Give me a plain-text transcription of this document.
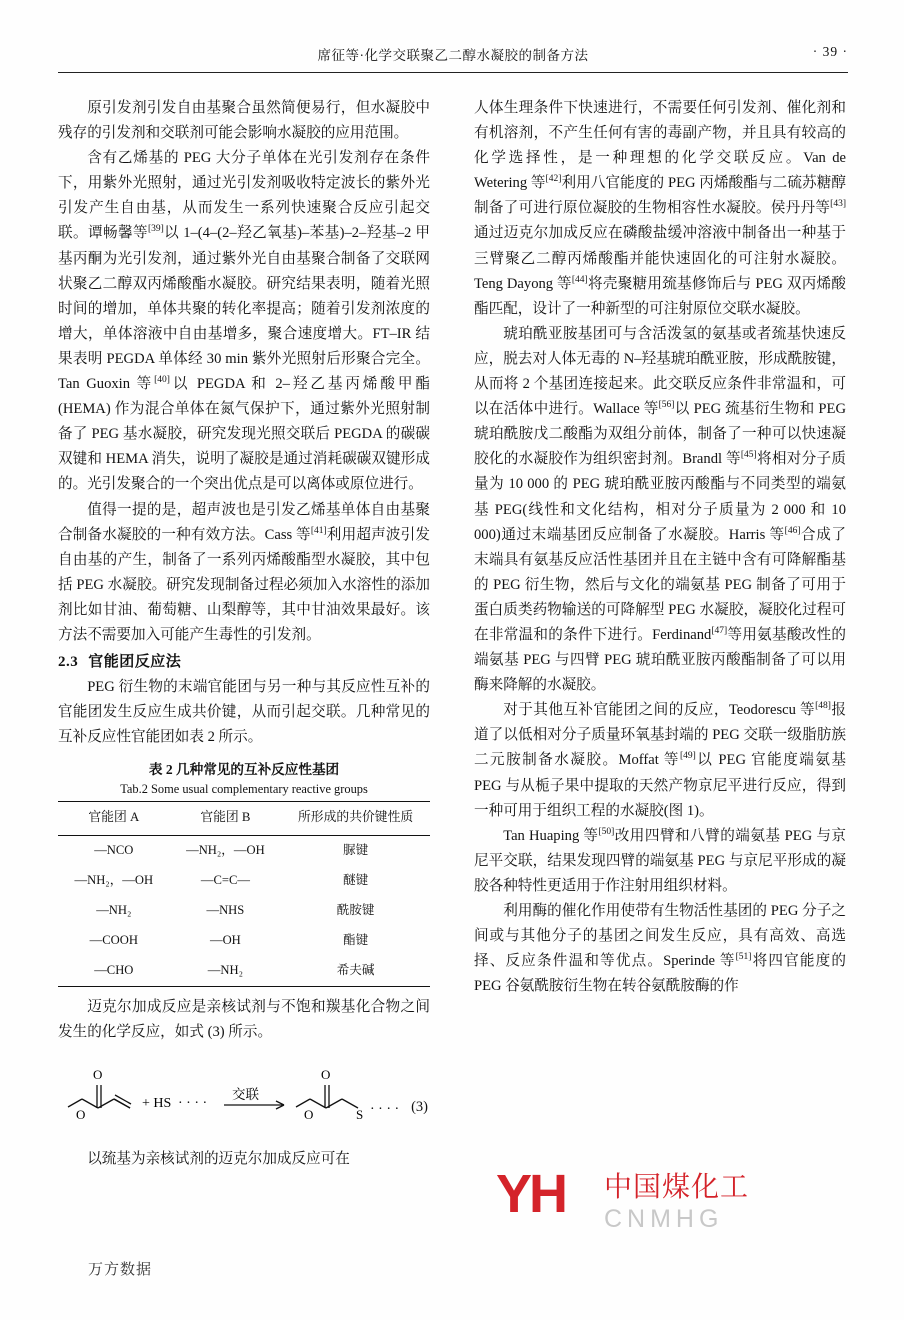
席征等·化学交联聚乙二醇水凝胶的制备方法	· 39 ·

原引发剂引发自由基聚合虽然简便易行，但水凝胶中残存的引发剂和交联剂可能会影响水凝胶的应用范围。

含有乙烯基的 PEG 大分子单体在光引发剂存在条件下，用紫外光照射，通过光引发剂吸收特定波长的紫外光引发产生自由基，从而发生一系列快速聚合反应引起交联。谭畅馨等[39]以 1–(4–(2–羟乙氧基)–苯基)–2–羟基–2 甲基丙酮为光引发剂，通过紫外光自由基聚合制备了交联网状聚乙二醇双丙烯酸酯水凝胶。研究结果表明，随着光照时间的增加，单体共聚的转化率提高；随着引发剂浓度的增大，单体溶液中自由基增多，聚合速度增大。FT–IR 结果表明 PEGDA 单体经 30 min 紫外光照射后形聚合完全。Tan Guoxin 等[40]以 PEGDA 和 2–羟乙基丙烯酸甲酯 (HEMA) 作为混合单体在氮气保护下，通过紫外光照射制备了 PEG 基水凝胶，研究发现光照交联后 PEGDA 的碳碳双键和 HEMA 消失，说明了凝胶是通过消耗碳碳双键形成的。光引发聚合的一个突出优点是可以离体或原位进行。

值得一提的是，超声波也是引发乙烯基单体自由基聚合制备水凝胶的一种有效方法。Cass 等[41]利用超声波引发自由基的产生，制备了一系列丙烯酸酯型水凝胶，其中包括 PEG 水凝胶。研究发现制备过程必须加入水溶性的添加剂比如甘油、葡萄糖、山梨醇等，其中甘油效果最好。该方法不需要加入可能产生毒性的引发剂。

2.3 官能团反应法

PEG 衍生物的末端官能团与另一种与其反应性互补的官能团发生反应生成共价键，从而引起交联。几种常见的互补反应性官能团如表 2 所示。

表 2 几种常见的互补反应性基团
Tab.2 Some usual complementary reactive groups
官能团 A	官能团 B	所形成的共价键性质
—NCO	—NH₂，—OH	脲键
—NH₂，—OH	—C=C—	醚键
—NH₂	—NHS	酰胺键
—COOH	—OH	酯键
—CHO	—NH₂	希夫碱

迈克尔加成反应是亲核试剂与不饱和羰基化合物之间发生的化学反应，如式 (3) 所示。

O
O
+ HS · · · ·
交联
O
O	S · · · · (3)

以巯基为亲核试剂的迈克尔加成反应可在

人体生理条件下快速进行，不需要任何引发剂、催化剂和有机溶剂，不产生任何有害的毒副产物，并且具有较高的化学选择性，是一种理想的化学交联反应。Van de Wetering 等[42]利用八官能度的 PEG 丙烯酸酯与二硫苏糖醇制备了可进行原位凝胶的生物相容性水凝胶。侯丹丹等[43]通过迈克尔加成反应在磷酸盐缓冲溶液中制备出一种基于三臂聚乙二醇丙烯酸酯并能快速固化的可注射水凝胶。Teng Dayong 等[44]将壳聚糖用巯基修饰后与 PEG 双丙烯酸酯匹配，设计了一种新型的可注射原位交联水凝胶。

琥珀酰亚胺基团可与含活泼氢的氨基或者巯基快速反应，脱去对人体无毒的 N–羟基琥珀酰亚胺，形成酰胺键，从而将 2 个基团连接起来。此交联反应条件非常温和，可以在活体中进行。Wallace 等[56]以 PEG 巯基衍生物和 PEG 琥珀酰胺戊二酸酯为双组分前体，制备了一种可以快速凝胶化的水凝胶作为组织密封剂。Brandl 等[45]将相对分子质量为 10 000 的 PEG 琥珀酰亚胺丙酸酯与不同类型的端氨基 PEG(线性和文化结构，相对分子质量为 2 000 和 10 000)通过末端基团反应制备了水凝胶。Harris 等[46]合成了末端具有氨基反应活性基团并且在主链中含有可降解酯基的 PEG 衍生物，然后与文化的端氨基 PEG 制备了可用于蛋白质类药物输送的可降解型 PEG 水凝胶，凝胶化过程可在非常温和的条件下进行。Ferdinand[47]等用氨基酸改性的端氨基 PEG 与四臂 PEG 琥珀酰亚胺丙酸酯制备了可以用酶来降解的水凝胶。

对于其他互补官能团之间的反应，Teodorescu 等[48]报道了以低相对分子质量环氧基封端的 PEG 交联一级脂肪族二元胺制备水凝胶。Moffat 等[49]以 PEG 官能度端氨基 PEG 与从栀子果中提取的天然产物京尼平进行反应，得到一种可用于组织工程的水凝胶(图 1)。

Tan Huaping 等[50]改用四臂和八臂的端氨基 PEG 与京尼平交联，结果发现四臂的端氨基 PEG 与京尼平形成的凝胶各种特性更适用于作注射用组织材料。

利用酶的催化作用使带有生物活性基团的 PEG 分子之间或与其他分子的基团之间发生反应，具有高效、高选择、反应条件温和等优点。Sperinde 等[51]将四官能度的 PEG 谷氨酰胺衍生物在转谷氨酰胺酶的作

YH 中国煤化工
CNMHG
万方数据
